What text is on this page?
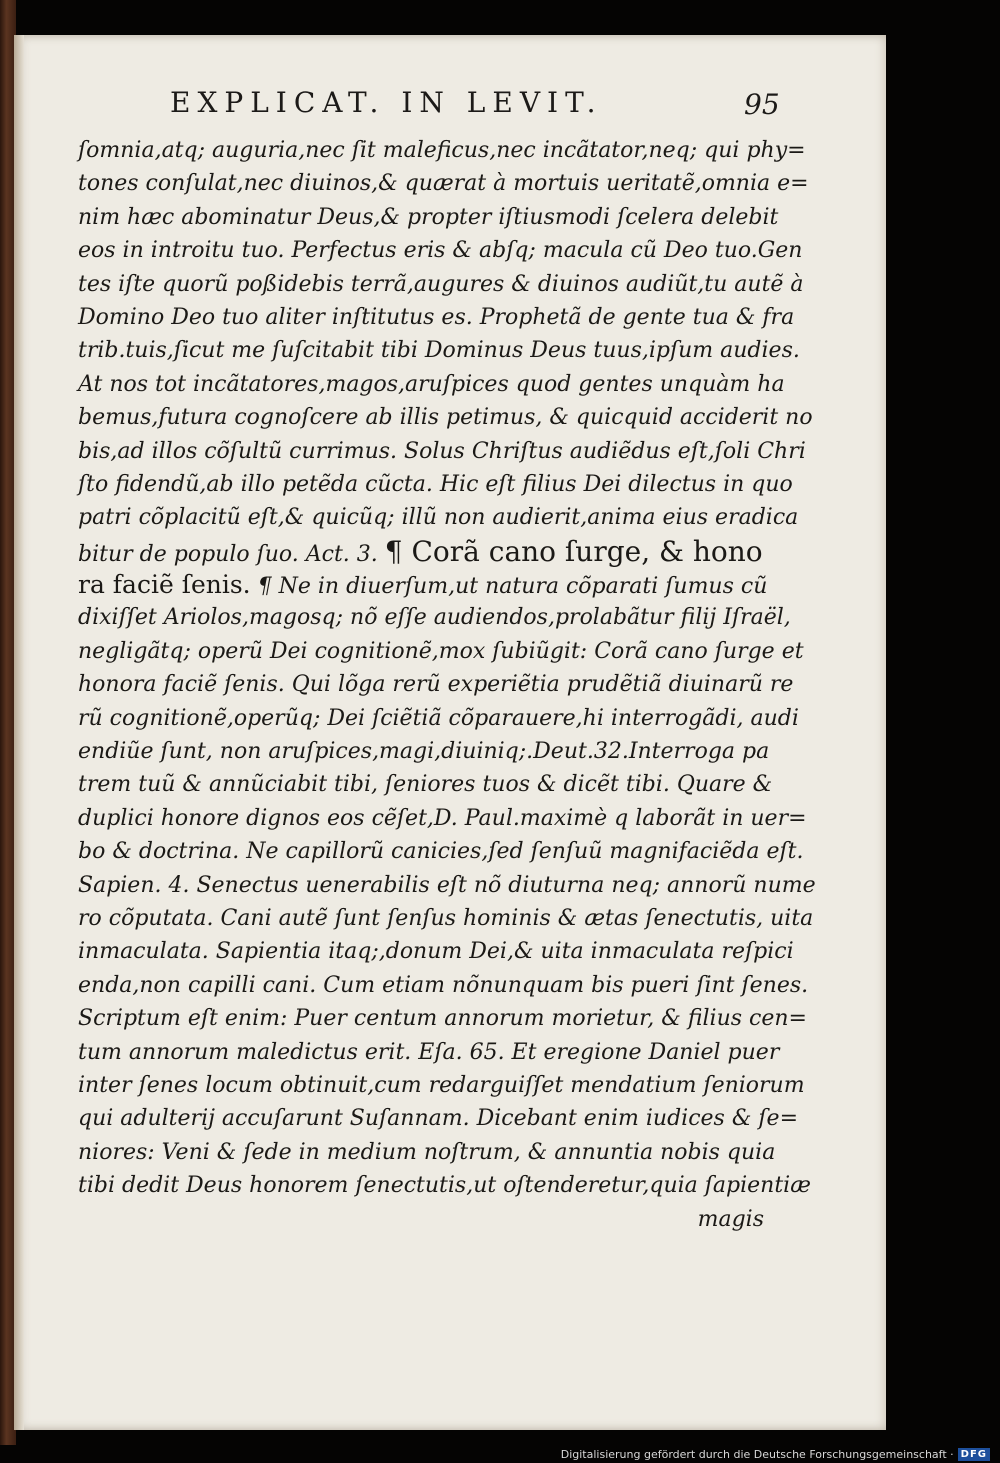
EXPLICAT. IN LEVIT.	95
ſomnia,atq; auguria,nec ſit maleficus,nec incãtator,neq; qui phy=
tones conſulat,nec diuinos,& quærat à mortuis ueritatẽ,omnia e=
nim hæc abominatur Deus,& propter iſtiusmodi ſcelera delebit
eos in introitu tuo. Perfectus eris & abſq; macula cũ Deo tuo.Gen
tes iſte quorũ poßidebis terrã,augures & diuinos audiũt,tu autẽ à
Domino Deo tuo aliter inſtitutus es. Prophetã de gente tua & fra
trib.tuis,ſicut me ſuſcitabit tibi Dominus Deus tuus,ipſum audies.
At nos tot incãtatores,magos,aruſpices quod gentes unquàm ha
bemus,futura cognoſcere ab illis petimus, & quicquid acciderit no
bis,ad illos cõſultũ currimus. Solus Chriſtus audiẽdus eſt,ſoli Chri
ſto fidendũ,ab illo petẽda cũcta. Hic eſt filius Dei dilectus in quo
patri cõplacitũ eſt,& quicũq; illũ non audierit,anima eius eradica
bitur de populo ſuo. Act. 3. ¶ Corã cano ſurge, & hono
ra faciẽ ſenis. ¶ Ne in diuerſum,ut natura cõparati ſumus cũ
dixiſſet Ariolos,magosq; nõ eſſe audiendos,prolabãtur filij Iſraël,
negligãtq; operũ Dei cognitionẽ,mox ſubiũgit: Corã cano ſurge et
honora faciẽ ſenis. Qui lõga rerũ experiẽtia prudẽtiã diuinarũ re
rũ cognitionẽ,operũq; Dei ſciẽtiã cõparauere,hi interrogãdi, audi
endiũe ſunt, non aruſpices,magi,diuiniq;.Deut.32.Interroga pa
trem tuũ & annũciabit tibi, ſeniores tuos & dicẽt tibi. Quare &
duplici honore dignos eos cẽſet,D. Paul.maximè q laborãt in uer=
bo & doctrina. Ne capillorũ canicies,ſed ſenſuũ magnifaciẽda eſt.
Sapien. 4. Senectus uenerabilis eſt nõ diuturna neq; annorũ nume
ro cõputata. Cani autẽ ſunt ſenſus hominis & ætas ſenectutis, uita
inmaculata. Sapientia itaq;,donum Dei,& uita inmaculata reſpici
enda,non capilli cani. Cum etiam nõnunquam bis pueri ſint ſenes.
Scriptum eſt enim: Puer centum annorum morietur, & filius cen=
tum annorum maledictus erit. Eſa. 65. Et eregione Daniel puer
inter ſenes locum obtinuit,cum redarguiſſet mendatium ſeniorum
qui adulterij accuſarunt Suſannam. Dicebant enim iudices & ſe=
niores: Veni & ſede in medium noſtrum, & annuntia nobis quia
tibi dedit Deus honorem ſenectutis,ut oſtenderetur,quia ſapientiæ
magis
Digitalisierung gefördert durch die Deutsche Forschungsgemeinschaft · DFG
